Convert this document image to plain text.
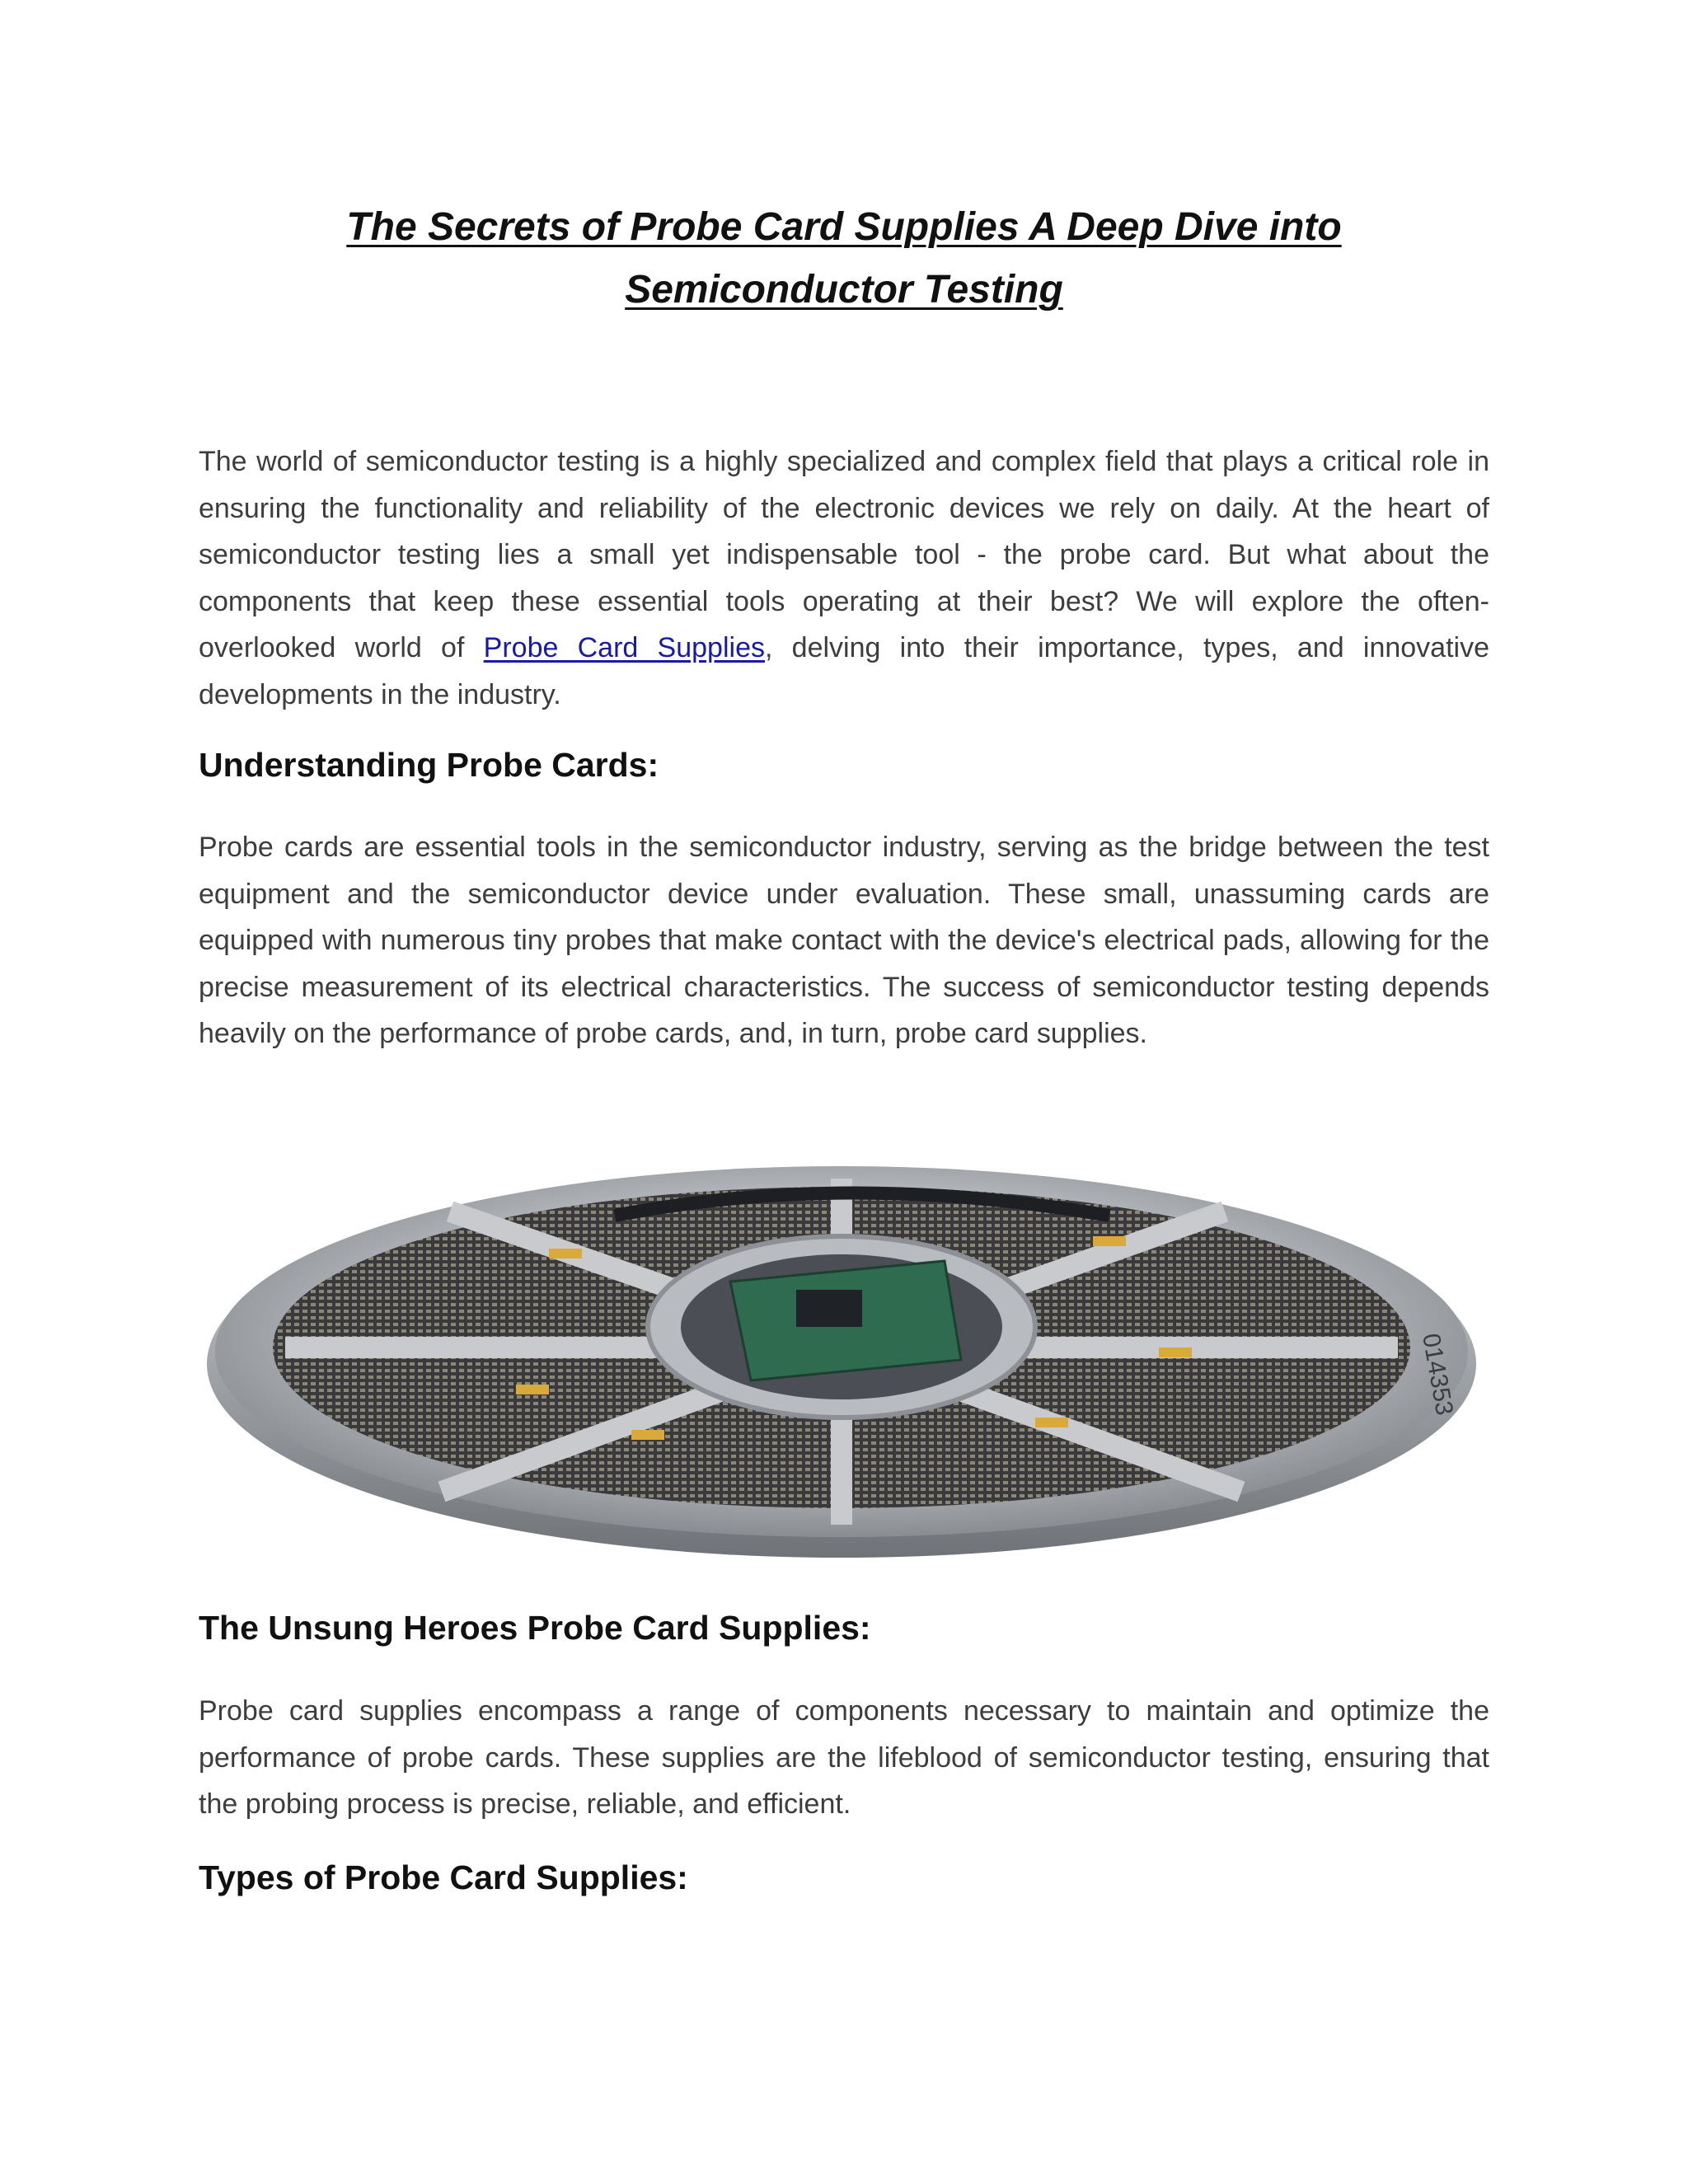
The Secrets of Probe Card Supplies A Deep Dive into Semiconductor Testing

The world of semiconductor testing is a highly specialized and complex field that plays a critical role in ensuring the functionality and reliability of the electronic devices we rely on daily. At the heart of semiconductor testing lies a small yet indispensable tool - the probe card. But what about the components that keep these essential tools operating at their best? We will explore the often-overlooked world of Probe Card Supplies, delving into their importance, types, and innovative developments in the industry.

Understanding Probe Cards:

Probe cards are essential tools in the semiconductor industry, serving as the bridge between the test equipment and the semiconductor device under evaluation. These small, unassuming cards are equipped with numerous tiny probes that make contact with the device's electrical pads, allowing for the precise measurement of its electrical characteristics. The success of semiconductor testing depends heavily on the performance of probe cards, and, in turn, probe card supplies.

014353
The Unsung Heroes Probe Card Supplies:

Probe card supplies encompass a range of components necessary to maintain and optimize the performance of probe cards. These supplies are the lifeblood of semiconductor testing, ensuring that the probing process is precise, reliable, and efficient.

Types of Probe Card Supplies:
